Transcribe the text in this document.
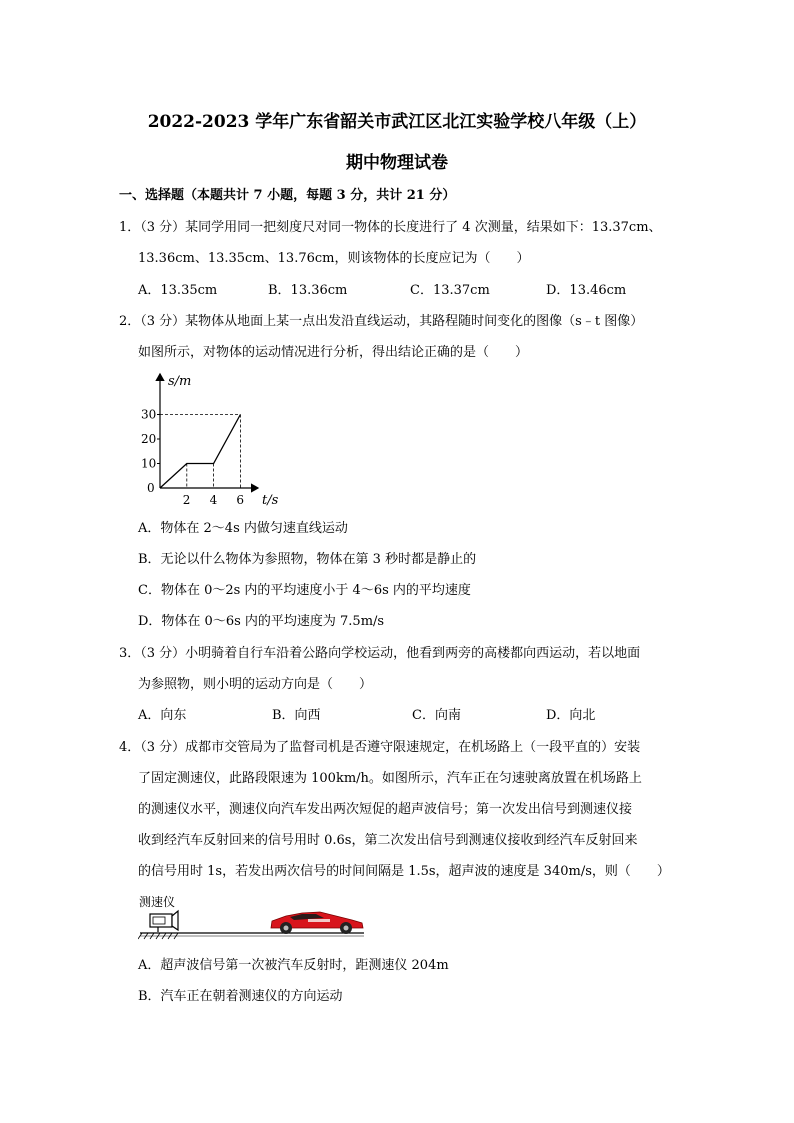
2022-2023 学年广东省韶关市武江区北江实验学校八年级（上）
期中物理试卷
一、选择题（本题共计 7 小题，每题 3 分，共计 21 分）
1．（3 分）某同学用同一把刻度尺对同一物体的长度进行了 4 次测量，结果如下：13.37cm、
13.36cm、13.35cm、13.76cm，则该物体的长度应记为（　　）
A．13.35cm	B．13.36cm	C．13.37cm	D．13.46cm
2．（3 分）某物体从地面上某一点出发沿直线运动，其路程随时间变化的图像（s﹣t 图像）
如图所示，对物体的运动情况进行分析，得出结论正确的是（　　）
s/m
t/s
0
10
20
30
2 4 6
A．物体在 2～4s 内做匀速直线运动
B．无论以什么物体为参照物，物体在第 3 秒时都是静止的
C．物体在 0～2s 内的平均速度小于 4～6s 内的平均速度
D．物体在 0～6s 内的平均速度为 7.5m/s
3．（3 分）小明骑着自行车沿着公路向学校运动，他看到两旁的高楼都向西运动，若以地面
为参照物，则小明的运动方向是（　　）
A．向东	B．向西	C．向南	D．向北
4．（3 分）成都市交管局为了监督司机是否遵守限速规定，在机场路上（一段平直的）安装
了固定测速仪，此路段限速为 100km/h。如图所示，汽车正在匀速驶离放置在机场路上
的测速仪水平，测速仪向汽车发出两次短促的超声波信号；第一次发出信号到测速仪接
收到经汽车反射回来的信号用时 0.6s，第二次发出信号到测速仪接收到经汽车反射回来
的信号用时 1s，若发出两次信号的时间间隔是 1.5s，超声波的速度是 340m/s，则（　　）
测速仪
A．超声波信号第一次被汽车反射时，距测速仪 204m
B．汽车正在朝着测速仪的方向运动
